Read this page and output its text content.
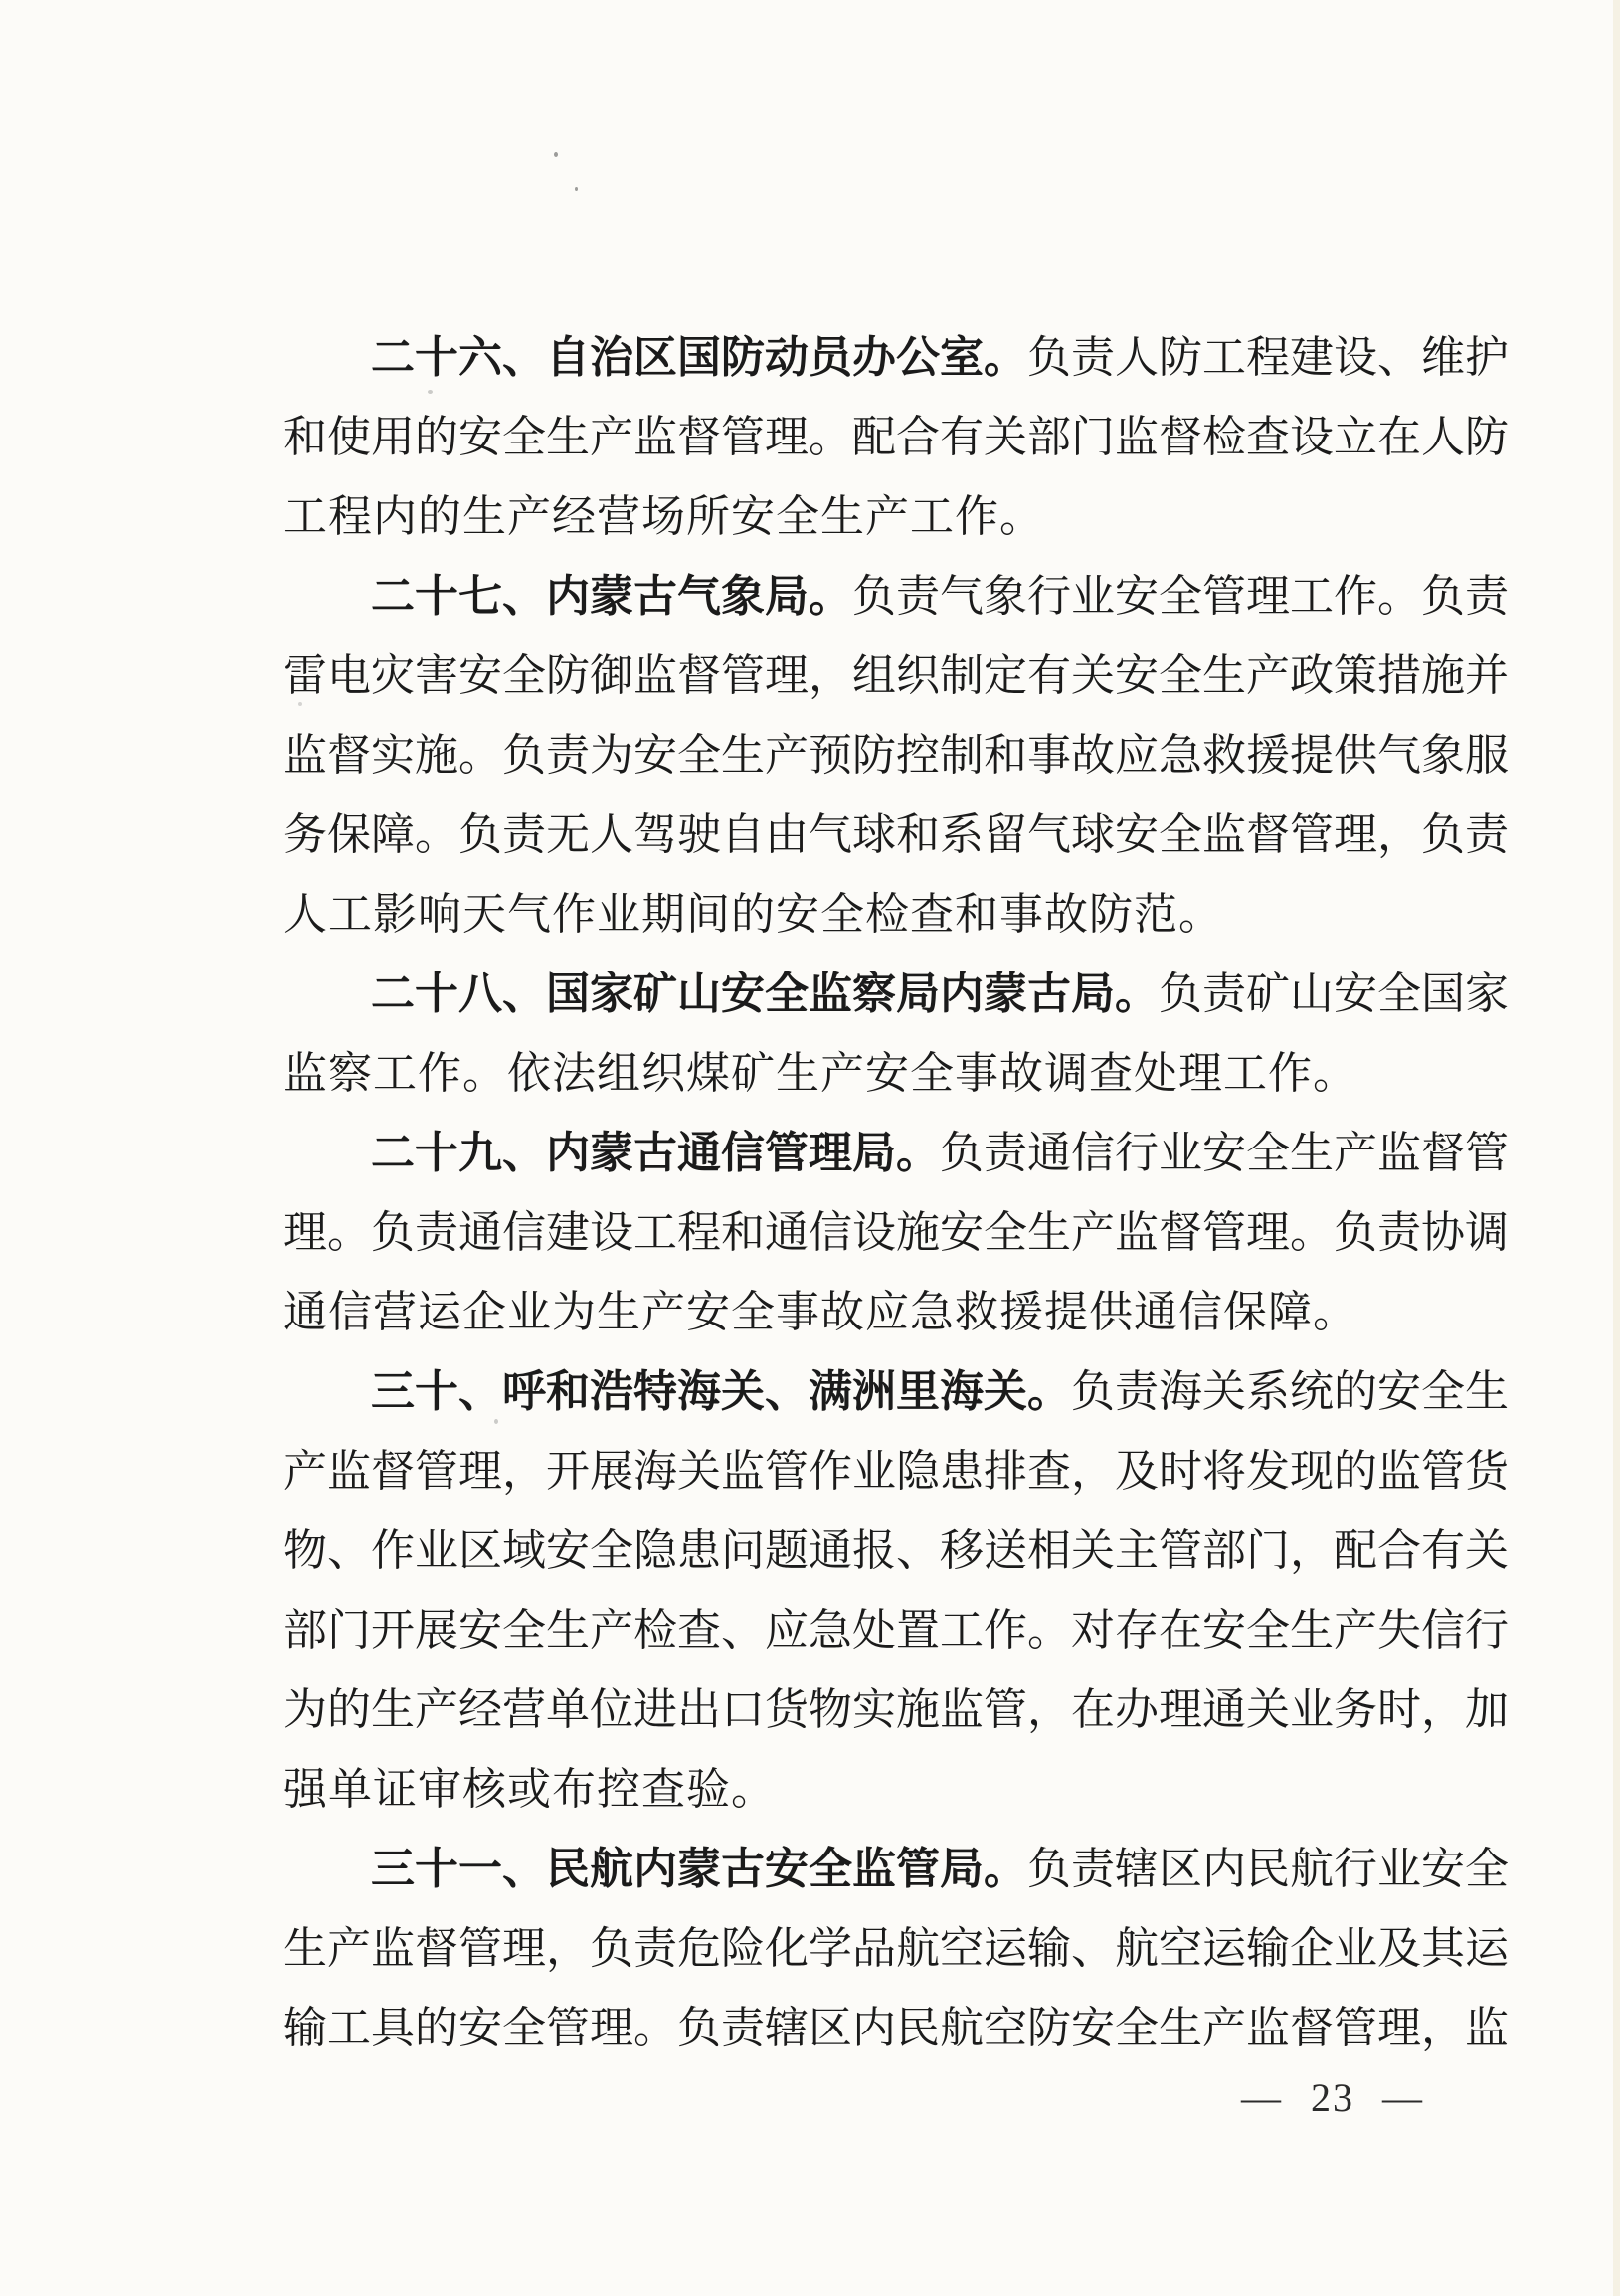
二 十 六 、 自 治 区 国 防 动 员 办 公 室 。 负 责 人 防 工 程 建 设 、 维 护
和 使 用 的 安 全 生 产 监 督 管 理 。 配 合 有 关 部 门 监 督 检 查 设 立 在 人 防
工程内的生产经营场所安全生产工作。
二 十 七 、 内 蒙 古 气 象 局 。 负 责 气 象 行 业 安 全 管 理 工 作 。 负 责
雷 电 灾 害 安 全 防 御 监 督 管 理 ， 组 织 制 定 有 关 安 全 生 产 政 策 措 施 并
监 督 实 施 。 负 责 为 安 全 生 产 预 防 控 制 和 事 故 应 急 救 援 提 供 气 象 服
务 保 障 。 负 责 无 人 驾 驶 自 由 气 球 和 系 留 气 球 安 全 监 督 管 理 ， 负 责
人工影响天气作业期间的安全检查和事故防范。
二 十 八 、 国 家 矿 山 安 全 监 察 局 内 蒙 古 局 。 负 责 矿 山 安 全 国 家
监察工作。依法组织煤矿生产安全事故调查处理工作。
二 十 九 、 内 蒙 古 通 信 管 理 局 。 负 责 通 信 行 业 安 全 生 产 监 督 管
理 。 负 责 通 信 建 设 工 程 和 通 信 设 施 安 全 生 产 监 督 管 理 。 负 责 协 调
通信营运企业为生产安全事故应急救援提供通信保障。
三 十 、 呼 和 浩 特 海 关 、 满 洲 里 海 关 。 负 责 海 关 系 统 的 安 全 生
产 监 督 管 理 ， 开 展 海 关 监 管 作 业 隐 患 排 查 ， 及 时 将 发 现 的 监 管 货
物 、 作 业 区 域 安 全 隐 患 问 题 通 报 、 移 送 相 关 主 管 部 门 ， 配 合 有 关
部 门 开 展 安 全 生 产 检 查 、 应 急 处 置 工 作 。 对 存 在 安 全 生 产 失 信 行
为 的 生 产 经 营 单 位 进 出 口 货 物 实 施 监 管 ， 在 办 理 通 关 业 务 时 ， 加
强单证审核或布控查验。
三 十 一 、 民 航 内 蒙 古 安 全 监 管 局 。 负 责 辖 区 内 民 航 行 业 安 全
生 产 监 督 管 理 ， 负 责 危 险 化 学 品 航 空 运 输 、 航 空 运 输 企 业 及 其 运
输 工 具 的 安 全 管 理 。 负 责 辖 区 内 民 航 空 防 安 全 生 产 监 督 管 理 ， 监
— 23 —
